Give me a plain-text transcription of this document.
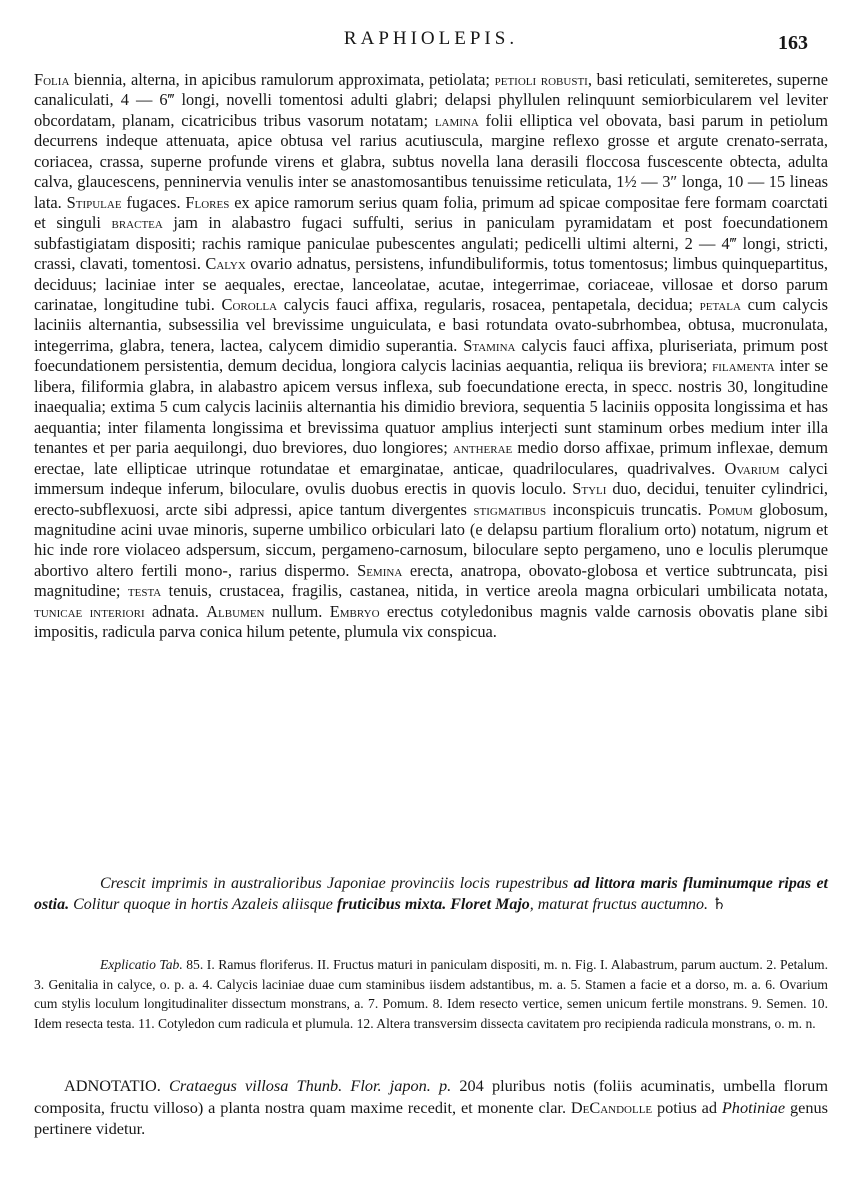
RAPHIOLEPIS.	163

Folia biennia, alterna, in apicibus ramulorum approximata, petiolata; petioli robusti, basi reticulati, semiteretes, superne canaliculati, 4 — 6‴ longi, novelli tomentosi adulti glabri; delapsi phyllulen relinquunt semiorbicularem vel leviter obcordatam, planam, cicatricibus tribus vasorum notatam; lamina folii elliptica vel obovata, basi parum in petiolum decurrens indeque attenuata, apice obtusa vel rarius acutiuscula, margine reflexo grosse et argute crenato-serrata, coriacea, crassa, superne profunde virens et glabra, subtus novella lana derasili floccosa fuscescente obtecta, adulta calva, glaucescens, penninervia venulis inter se anastomosantibus tenuissime reticulata, 1½ — 3″ longa, 10 — 15 lineas lata. Stipulae fugaces. Flores ex apice ramorum serius quam folia, primum ad spicae compositae fere formam coarctati et singuli bracteа jam in alabastro fugaci suffulti, serius in paniculam pyramidatam et post foecundationem subfastigiatam dispositi; rachis ramique paniculae pubescentes angulati; pedicelli ultimi alterni, 2 — 4‴ longi, stricti, crassi, clavati, tomentosi. Calyx ovario adnatus, persistens, infundibuliformis, totus tomentosus; limbus quinquepartitus, deciduus; laciniae inter se aequales, erectae, lanceolatae, acutae, integerrimae, coriaceae, villosae et dorso parum carinatae, longitudine tubi. Corolla calycis fauci affixa, regularis, rosacea, pentapetala, decidua; petala cum calycis laciniis alternantia, subsessilia vel brevissime unguiculata, e basi rotundata ovato-subrhombea, obtusa, mucronulata, integerrima, glabra, tenera, lactea, calycem dimidio superantia. Stamina calycis fauci affixa, pluriseriata, primum post foecundationem persistentia, demum decidua, longiora calycis lacinias aequantia, reliqua iis breviora; filamenta inter se libera, filiformia glabra, in alabastro apicem versus inflexa, sub foecundatione erecta, in specc. nostris 30, longitudine inaequalia; extima 5 cum calycis laciniis alternantia his dimidio breviora, sequentia 5 laciniis opposita longissima et has aequantia; inter filamenta longissima et brevissima quatuor amplius interjecti sunt staminum orbes medium inter illa tenantes et per paria aequilongi, duo breviores, duo longiores; antherae medio dorso affixae, primum inflexae, demum erectae, late ellipticae utrinque rotundatae et emarginatae, anticae, quadriloculares, quadrivalves. Ovarium calyci immersum indeque inferum, biloculare, ovulis duobus erectis in quovis loculo. Styli duo, decidui, tenuiter cylindrici, erecto-subflexuosi, arcte sibi adpressi, apice tantum divergentes stigmatibus inconspicuis truncatis. Pomum globosum, magnitudine acini uvae minoris, superne umbilico orbiculari lato (e delapsu partium floralium orto) notatum, nigrum et hic inde rore violaceo adspersum, siccum, pergameno-carnosum, biloculare septo pergameno, uno e loculis plerumque abortivo altero fertili mono-, rarius dispermo. Semina erecta, anatropa, obovato-globosa et vertice subtruncata, pisi magnitudine; testa tenuis, crustacea, fragilis, castanea, nitida, in vertice areola magna orbiculari umbilicata notata, tunicae interiori adnata. Albumen nullum. Embryo erectus cotyledonibus magnis valde carnosis obovatis plane sibi impositis, radicula parva conica hilum petente, plumula vix conspicua.

Crescit imprimis in australioribus Japoniae provinciis locis rupestribus ad littora maris fluminumque ripas et ostia. Colitur quoque in hortis Azaleis aliisque fruticibus mixta. Floret Majo, maturat fructus auctumno. ♄
Explicatio Tab. 85. I. Ramus floriferus. II. Fructus maturi in paniculam dispositi, m. n. Fig. I. Alabastrum, parum auctum. 2. Petalum. 3. Genitalia in calyce, o. p. a. 4. Calycis laciniae duae cum staminibus iisdem adstantibus, m. a. 5. Stamen a facie et a dorso, m. a. 6. Ovarium cum stylis loculum longitudinaliter dissectum monstrans, a. 7. Pomum. 8. Idem resecto vertice, semen unicum fertile monstrans. 9. Semen. 10. Idem resecta testa. 11. Cotyledon cum radicula et plumula. 12. Altera transversim dissecta cavitatem pro recipienda radicula monstrans, o. m. n.
ADNOTATIO. Crataegus villosa Thunb. Flor. japon. p. 204 pluribus notis (foliis acuminatis, umbella florum composita, fructu villoso) a planta nostra quam maxime recedit, et monente clar. DeCandolle potius ad Photiniae genus pertinere videtur.
